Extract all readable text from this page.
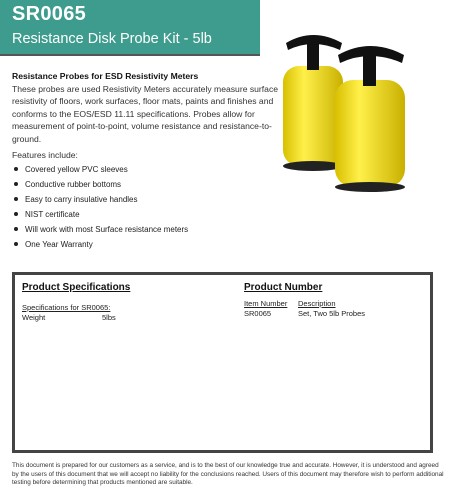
SR0065
Resistance Disk Probe Kit - 5lb
Resistance Probes for ESD Resistivity Meters
These probes are used Resistivity Meters accurately measure surface resistivity of floors, work surfaces, floor mats, paints and finishes and conforms to the EOS/ESD 11.11 specifications. Probes allow for measurement of point-to-point, volume resistance and resistance-to-ground.
Features include:
Covered yellow PVC sleeves
Conductive rubber bottoms
Easy to carry insulative handles
NIST certificate
Will work with most Surface resistance meters
One Year Warranty
Product Specifications
Specifications for SR0065:
Weight	5lbs
Product Number
Item Number Description
SR0065	Set, Two 5lb Probes
This document is prepared for our customers as a service, and is to the best of our knowledge true and accurate. However, it is understood and agreed by the users of this document that we will accept no liability for the conclusions reached. Users of this document may therefore wish to perform additional testing before determining that products mentioned are suitable.
